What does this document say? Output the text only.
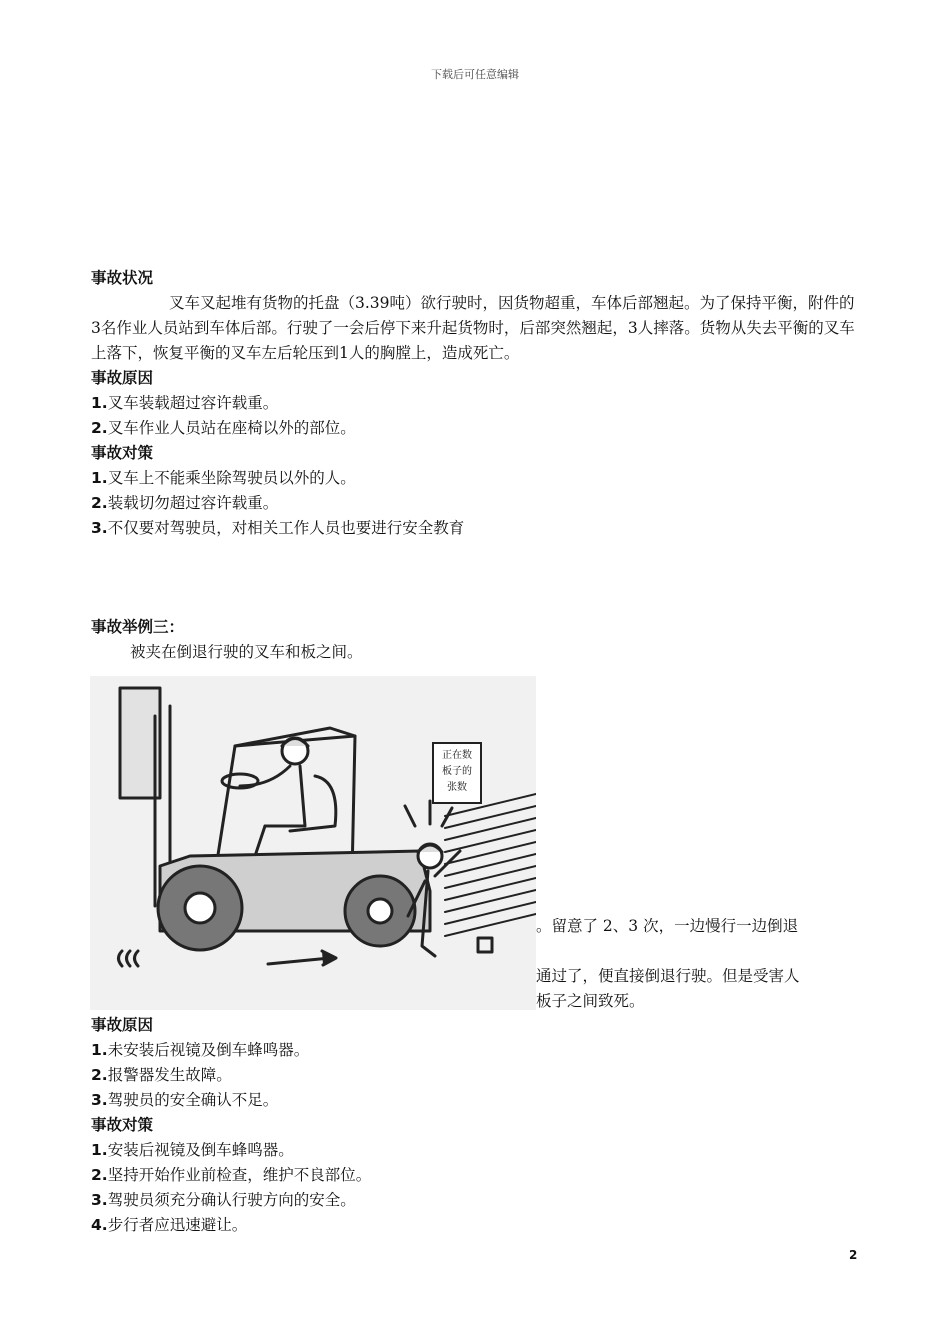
下载后可任意编辑
事故状况
叉车叉起堆有货物的托盘（3.39吨）欲行驶时，因货物超重，车体后部翘起。为了保持平衡，附件的3名作业人员站到车体后部。行驶了一会后停下来升起货物时，后部突然翘起，3人摔落。货物从失去平衡的叉车上落下，恢复平衡的叉车左后轮压到1人的胸膛上，造成死亡。
事故原因
1.叉车装载超过容许载重。
2.叉车作业人员站在座椅以外的部位。
事故对策
1.叉车上不能乘坐除驾驶员以外的人。
2.装载切勿超过容许载重。
3.不仅要对驾驶员，对相关工作人员也要进行安全教育
事故举例三：
被夹在倒退行驶的叉车和板之间。
正在数
板子的
张数
。留意了 2、3 次，一边慢行一边倒退
通过了，便直接倒退行驶。但是受害人
板子之间致死。
事故原因
1.未安装后视镜及倒车蜂鸣器。
2.报警器发生故障。
3.驾驶员的安全确认不足。
事故对策
1.安装后视镜及倒车蜂鸣器。
2.坚持开始作业前检查，维护不良部位。
3.驾驶员须充分确认行驶方向的安全。
4.步行者应迅速避让。
2
